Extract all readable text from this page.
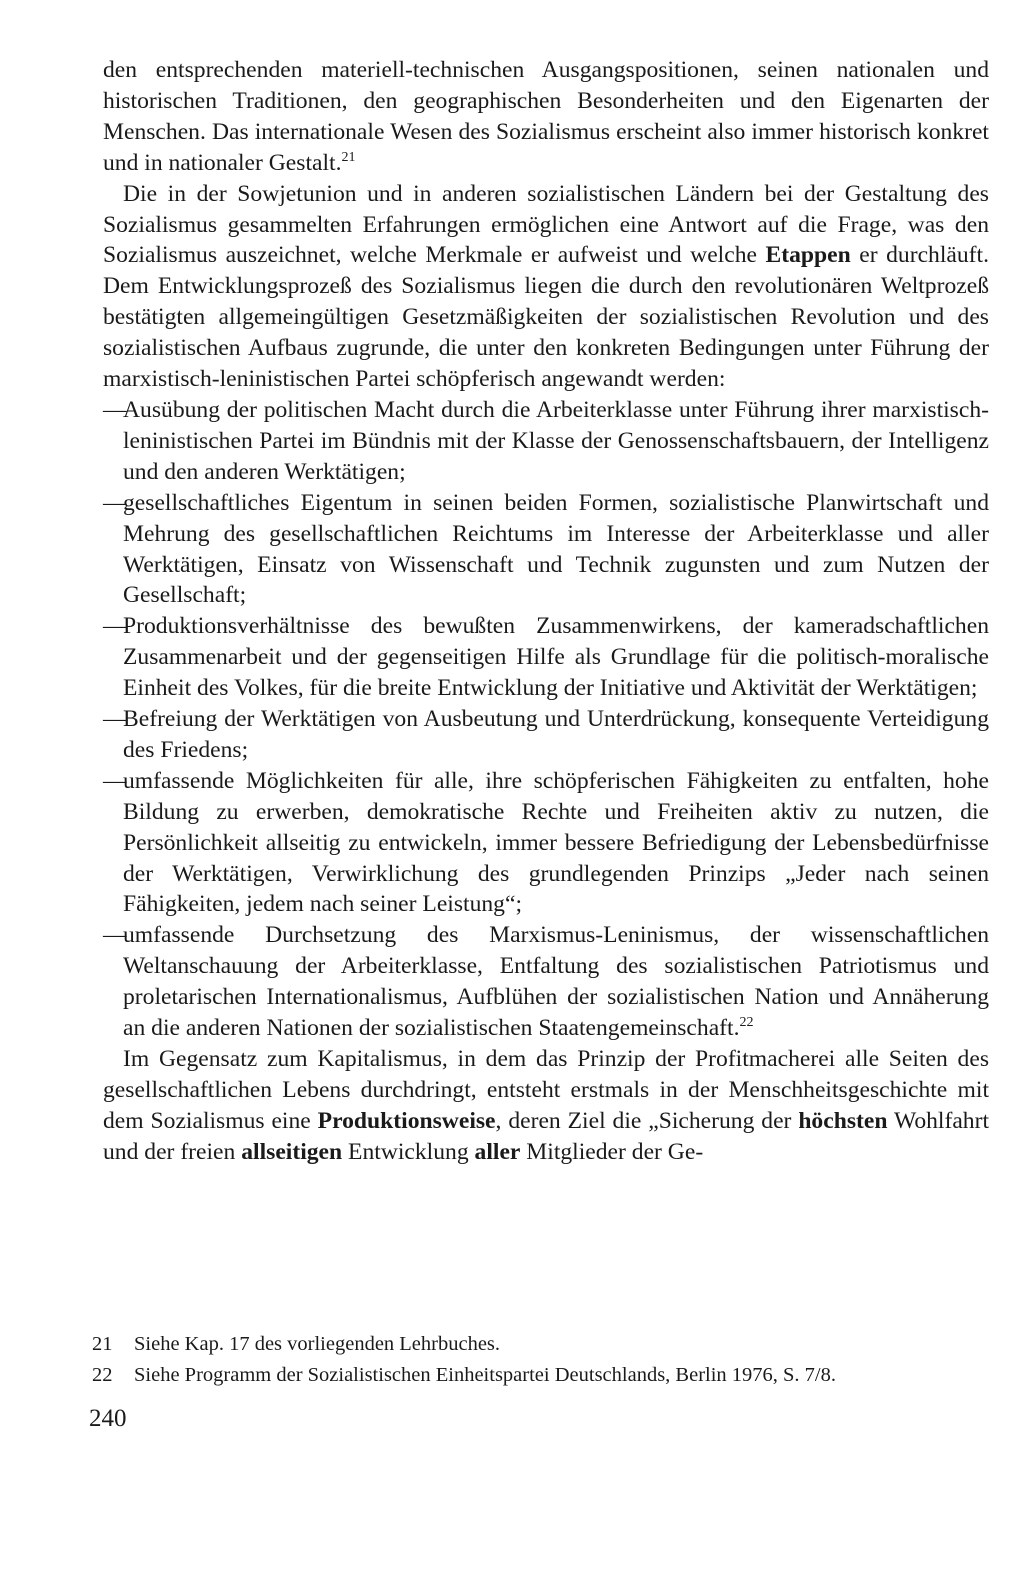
den entsprechenden materiell-technischen Ausgangspositionen, seinen nationalen und historischen Traditionen, den geographischen Besonderheiten und den Eigenarten der Menschen. Das internationale Wesen des Sozialismus erscheint also immer historisch konkret und in nationaler Gestalt.$^{21}$

Die in der Sowjetunion und in anderen sozialistischen Ländern bei der Gestaltung des Sozialismus gesammelten Erfahrungen ermöglichen eine Antwort auf die Frage, was den Sozialismus auszeichnet, welche Merkmale er aufweist und welche Etappen er durchläuft. Dem Entwicklungsprozeß des Sozialismus liegen die durch den revolutionären Weltprozeß bestätigten allgemeingültigen Gesetzmäßigkeiten der sozialistischen Revolution und des sozialistischen Aufbaus zugrunde, die unter den konkreten Bedingungen unter Führung der marxistisch-leninistischen Partei schöpferisch angewandt werden:

—
Ausübung der politischen Macht durch die Arbeiterklasse unter Führung ihrer marxistisch-leninistischen Partei im Bündnis mit der Klasse der Genossenschaftsbauern, der Intelligenz und den anderen Werktätigen;
—
gesellschaftliches Eigentum in seinen beiden Formen, sozialistische Planwirtschaft und Mehrung des gesellschaftlichen Reichtums im Interesse der Arbeiterklasse und aller Werktätigen, Einsatz von Wissenschaft und Technik zugunsten und zum Nutzen der Gesellschaft;
—
Produktionsverhältnisse des bewußten Zusammenwirkens, der kameradschaftlichen Zusammenarbeit und der gegenseitigen Hilfe als Grundlage für die politisch-moralische Einheit des Volkes, für die breite Entwicklung der Initiative und Aktivität der Werktätigen;
—
Befreiung der Werktätigen von Ausbeutung und Unterdrückung, konsequente Verteidigung des Friedens;
—
umfassende Möglichkeiten für alle, ihre schöpferischen Fähigkeiten zu entfalten, hohe Bildung zu erwerben, demokratische Rechte und Freiheiten aktiv zu nutzen, die Persönlichkeit allseitig zu entwickeln, immer bessere Befriedigung der Lebensbedürfnisse der Werktätigen, Verwirklichung des grundlegenden Prinzips „Jeder nach seinen Fähigkeiten, jedem nach seiner Leistung“;
—
umfassende Durchsetzung des Marxismus-Leninismus, der wissenschaftlichen Weltanschauung der Arbeiterklasse, Entfaltung des sozialistischen Patriotismus und proletarischen Internationalismus, Aufblühen der sozialistischen Nation und Annäherung an die anderen Nationen der sozialistischen Staatengemeinschaft.$^{22}$

Im Gegensatz zum Kapitalismus, in dem das Prinzip der Profitmacherei alle Seiten des gesellschaftlichen Lebens durchdringt, entsteht erstmals in der Menschheitsgeschichte mit dem Sozialismus eine Produktionsweise, deren Ziel die „Sicherung der höchsten Wohlfahrt und der freien allseitigen Entwicklung aller Mitglieder der Ge-

21	Siehe Kap. 17 des vorliegenden Lehrbuches.
22	Siehe Programm der Sozialistischen Einheitspartei Deutschlands, Berlin 1976, S. 7/8.
240
